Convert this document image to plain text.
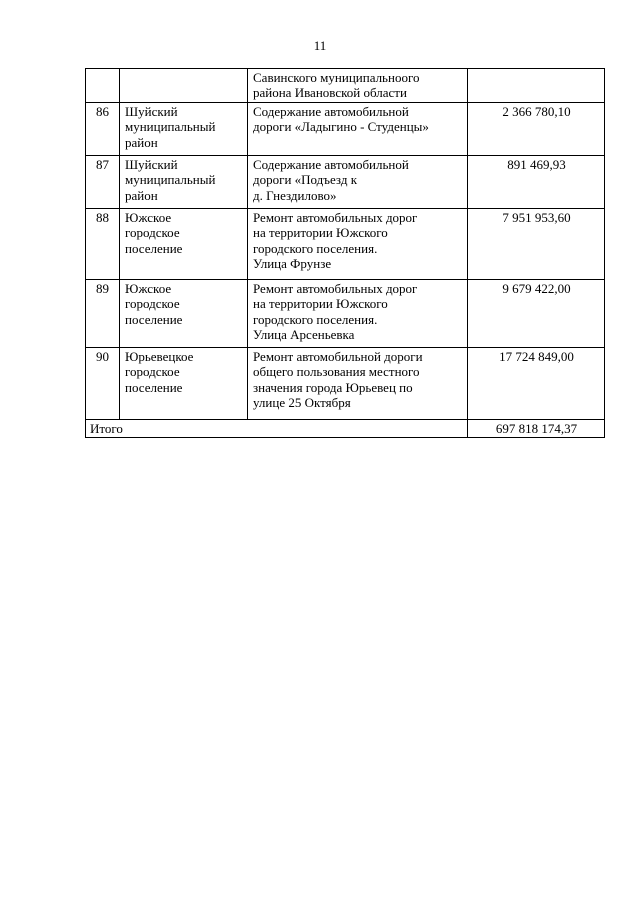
11
		Савинского муниципальноого
района Ивановской области	
86	Шуйский
муниципальный
район	Содержание автомобильной
дороги «Ладыгино - Студенцы»	2 366 780,10
87	Шуйский
муниципальный
район	Содержание автомобильной
дороги «Подъезд к
д. Гнездилово»	891 469,93
88	Южское
городское
поселение	Ремонт автомобильных дорог
на территории Южского
городского поселения.
Улица Фрунзе	7 951 953,60
89	Южское
городское
поселение	Ремонт автомобильных дорог
на территории Южского
городского поселения.
Улица Арсеньевка	9 679 422,00
90	Юрьевецкое
городское
поселение	Ремонт автомобильной дороги
общего пользования местного
значения города Юрьевец по
улице 25 Октября	17 724 849,00
Итого			697 818 174,37
